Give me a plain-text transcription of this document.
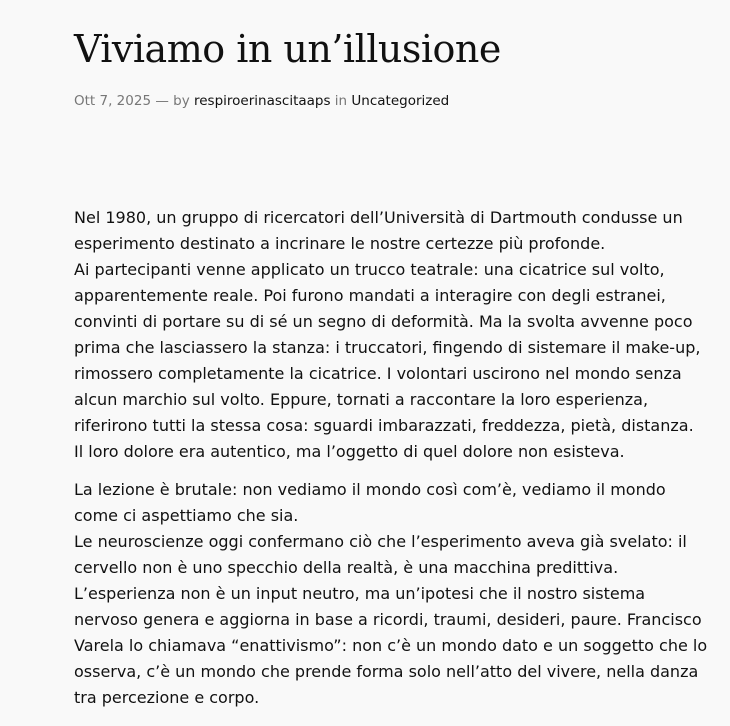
Viviamo in un’illusione
Ott 7, 2025 — by respiroerinascitaaps in Uncategorized

Nel 1980, un gruppo di ricercatori dell’Università di Dartmouth condusse un
esperimento destinato a incrinare le nostre certezze più profonde.
Ai partecipanti venne applicato un trucco teatrale: una cicatrice sul volto,
apparentemente reale. Poi furono mandati a interagire con degli estranei,
convinti di portare su di sé un segno di deformità. Ma la svolta avvenne poco
prima che lasciassero la stanza: i truccatori, fingendo di sistemare il make-up,
rimossero completamente la cicatrice. I volontari uscirono nel mondo senza
alcun marchio sul volto. Eppure, tornati a raccontare la loro esperienza,
riferirono tutti la stessa cosa: sguardi imbarazzati, freddezza, pietà, distanza.
Il loro dolore era autentico, ma l’oggetto di quel dolore non esisteva.

La lezione è brutale: non vediamo il mondo così com’è, vediamo il mondo
come ci aspettiamo che sia.
Le neuroscienze oggi confermano ciò che l’esperimento aveva già svelato: il
cervello non è uno specchio della realtà, è una macchina predittiva.
L’esperienza non è un input neutro, ma un’ipotesi che il nostro sistema
nervoso genera e aggiorna in base a ricordi, traumi, desideri, paure. Francisco
Varela lo chiamava “enattivismo”: non c’è un mondo dato e un soggetto che lo
osserva, c’è un mondo che prende forma solo nell’atto del vivere, nella danza
tra percezione e corpo.
